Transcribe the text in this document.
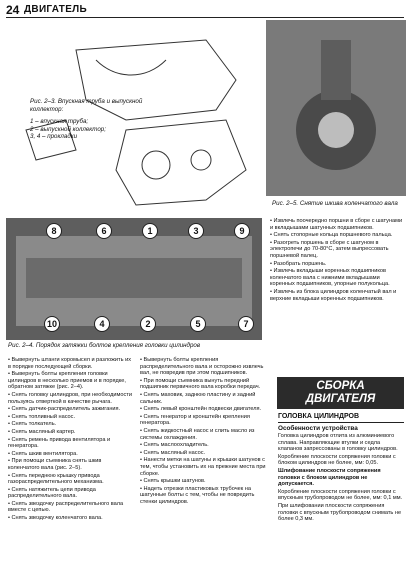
24 ДВИГАТЕЛЬ
Рис. 2–3. Впускная труба и выпускной коллектор:
1 – впускная труба;
2 – выпускной коллектор;
3, 4 – прокладки
Рис. 2–5. Снятие шкива коленчатого вала
8	6	1	3	9
10	4	2	5	7
Рис. 2–4. Порядок затяжки болтов крепления головки цилиндров

• Извлечь поочередно поршни в сборе с шатунами и вкладышами шатунных подшипников.

• Снять стопорные кольца поршневого пальца.

• Разогреть поршень в сборе с шатуном в электропечи до 70-80°C, затем выпрессовать поршневой палец.

• Разобрать поршень.

• Извлечь вкладыши коренных подшипников коленчатого вала с нижними вкладышами коренных подшипников, упорные полукольца.

• Извлечь из блока цилиндров коленчатый вал и верхние вкладыши коренных подшипников.

• Вывернуть штанги коромысел и разложить их в порядке последующей сборки.

• Вывернуть болты крепления головки цилиндров в несколько приемов и в порядке, обратном затяжке (рис. 2–4).

• Снять головку цилиндров, при необходимости пользуясь отверткой в качестве рычага.

• Снять датчик-распределитель зажигания.

• Снять топливный насос.

• Снять толкатель.

• Снять масляный картер.

• Снять ремень привода вентилятора и генератора.

• Снять шкив вентилятора.

• При помощи съемника снять шкив коленчатого вала (рис. 2–5).

• Снять переднюю крышку привода газораспределительного механизма.

• Снять натяжитель цепи привода распределительного вала.

• Снять звездочку распределительного вала вместе с цепью.

• Снять звездочку коленчатого вала.

• Вывернуть болты крепления распределительного вала и осторожно извлечь вал, не повредив при этом подшипников.

• При помощи съемника вынуть передний подшипник первичного вала коробки передач.

• Снять маховик, заднюю пластину и задний сальник.

• Снять левый кронштейн подвески двигателя.

• Снять генератор и кронштейн крепления генератора.

• Снять жидкостный насос и слить масло из системы охлаждения.

• Снять маслоохладитель.

• Снять масляный насос.

• Нанести метки на шатуны и крышки шатунов с тем, чтобы установить их на прежние места при сборке.

• Снять крышки шатунов.

• Надеть отрезки пластиковых трубочек на шатунные болты с тем, чтобы не повредить стенки цилиндров.

СБОРКА
ДВИГАТЕЛЯ
ГОЛОВКА ЦИЛИНДРОВ
Особенности устройства

Головка цилиндров отлита из алюминиевого сплава. Направляющие втулки и седла клапанов запрессованы в головку цилиндров.

Коробление плоскости сопряжения головки с блоком цилиндров не более, мм: 0,05.

Шлифование плоскости сопряжения головки с блоком цилиндров не допускается.

Коробление плоскости сопряжения головки с впускным трубопроводом не более, мм: 0,1 мм.

При шлифовании плоскости сопряжения головки с впускным трубопроводом снимать не более 0,3 мм.
